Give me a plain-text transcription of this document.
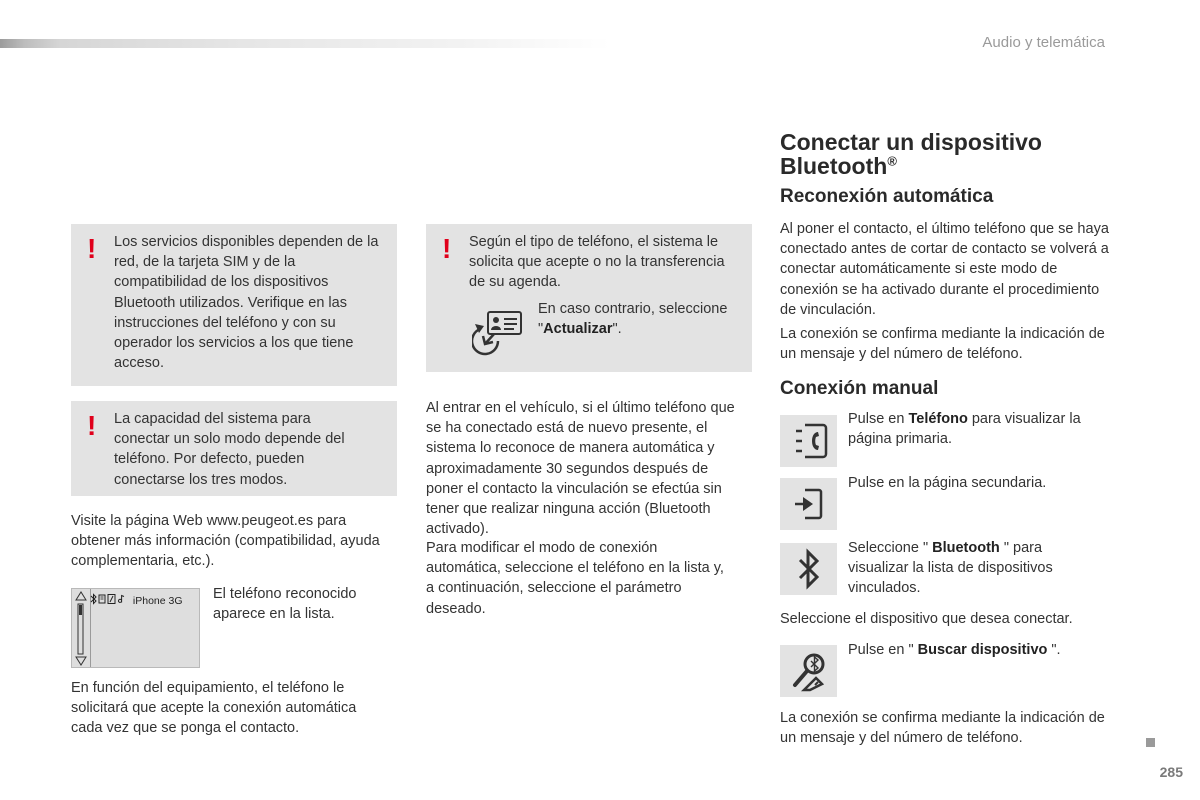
Audio y telemática
! Los servicios disponibles dependen de la red, de la tarjeta SIM y de la compatibilidad de los dispositivos Bluetooth utilizados. Verifique en las instrucciones del teléfono y con su operador los servicios a los que tiene acceso.
! La capacidad del sistema para conectar un solo modo depende del teléfono. Por defecto, pueden conectarse los tres modos.
Visite la página Web www.peugeot.es para obtener más información (compatibilidad, ayuda complementaria, etc.).
iPhone 3G El teléfono reconocido aparece en la lista.
En función del equipamiento, el teléfono le solicitará que acepte la conexión automática cada vez que se ponga el contacto.
! Según el tipo de teléfono, el sistema le solicita que acepte o no la transferencia de su agenda.
En caso contrario, seleccione "Actualizar".
Al entrar en el vehículo, si el último teléfono que se ha conectado está de nuevo presente, el sistema lo reconoce de manera automática y aproximadamente 30 segundos después de poner el contacto la vinculación se efectúa sin tener que realizar ninguna acción (Bluetooth activado).
Para modificar el modo de conexión automática, seleccione el teléfono en la lista y, a continuación, seleccione el parámetro deseado.
Conectar un dispositivo Bluetooth®
Reconexión automática
Al poner el contacto, el último teléfono que se haya conectado antes de cortar de contacto se volverá a conectar automáticamente si este modo de conexión se ha activado durante el procedimiento de vinculación.
La conexión se confirma mediante la indicación de un mensaje y del número de teléfono.
Conexión manual
Pulse en Teléfono para visualizar la página primaria.
Pulse en la página secundaria.
Seleccione " Bluetooth " para visualizar la lista de dispositivos vinculados.
Seleccione el dispositivo que desea conectar.
Pulse en " Buscar dispositivo ".
La conexión se confirma mediante la indicación de un mensaje y del número de teléfono.
285
